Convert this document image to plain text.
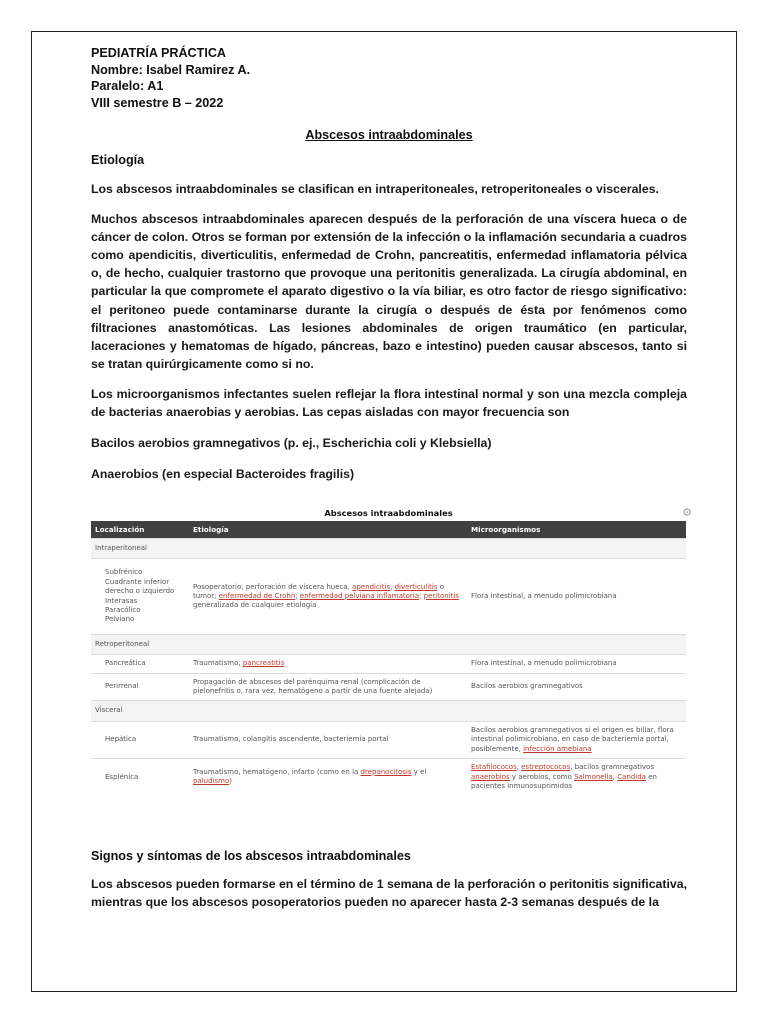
PEDIATRÍA PRÁCTICA

Nombre: Isabel Ramirez A.

Paralelo: A1

VIII semestre B – 2022

Abscesos intraabdominales
Etiología

Los abscesos intraabdominales se clasifican en intraperitoneales, retroperitoneales o viscerales.

Muchos abscesos intraabdominales aparecen después de la perforación de una víscera hueca o de cáncer de colon. Otros se forman por extensión de la infección o la inflamación secundaria a cuadros como apendicitis, diverticulitis, enfermedad de Crohn, pancreatitis, enfermedad inflamatoria pélvica o, de hecho, cualquier trastorno que provoque una peritonitis generalizada. La cirugía abdominal, en particular la que compromete el aparato digestivo o la vía biliar, es otro factor de riesgo significativo: el peritoneo puede contaminarse durante la cirugía o después de ésta por fenómenos como filtraciones anastomóticas. Las lesiones abdominales de origen traumático (en particular, laceraciones y hematomas de hígado, páncreas, bazo e intestino) pueden causar abscesos, tanto si se tratan quirúrgicamente como si no.

Los microorganismos infectantes suelen reflejar la flora intestinal normal y son una mezcla compleja de bacterias anaerobias y aerobias. Las cepas aisladas con mayor frecuencia son

Bacilos aerobios gramnegativos (p. ej., Escherichia coli y Klebsiella)

Anaerobios (en especial Bacteroides fragilis)

Abscesos intraabdominales	⚙
Localización	Etiología	Microorganismos
Intraperitoneal		

Subfrénico
Cuadrante inferior derecho o izquierdo
Interasas
Paracólico
Pelviano	Posoperatorio; perforación de víscera hueca, apendicitis, diverticulitis o tumor; enfermedad de Crohn; enfermedad pelviana inflamatoria; peritonitis generalizada de cualquier etiología	Flora intestinal, a menudo polimicrobiana
Retroperitoneal		
Pancreática	Traumatismo, pancreatitis	Flora intestinal, a menudo polimicrobiana
Perirrenal	Propagación de abscesos del parénquima renal (complicación de pielonefritis o, rara vez, hematógeno a partir de una fuente alejada)	Bacilos aerobios gramnegativos
Visceral		
Hepática	Traumatismo, colangitis ascendente, bacteriemia portal	Bacilos aerobios gramnegativos si el origen es biliar, flora intestinal polimicrobiana, en caso de bacteriemia portal, posiblemente, infección amebiana
Esplénica	Traumatismo, hematógeno, infarto (como en la drepanocitosis y el paludismo)	Estafilococos, estreptococos, bacilos gramnegativos anaerobios y aerobios, como Salmonella, Candida en pacientes inmunosuprimidos
Signos y síntomas de los abscesos intraabdominales

Los abscesos pueden formarse en el término de 1 semana de la perforación o peritonitis significativa, mientras que los abscesos posoperatorios pueden no aparecer hasta 2-3 semanas después de la
